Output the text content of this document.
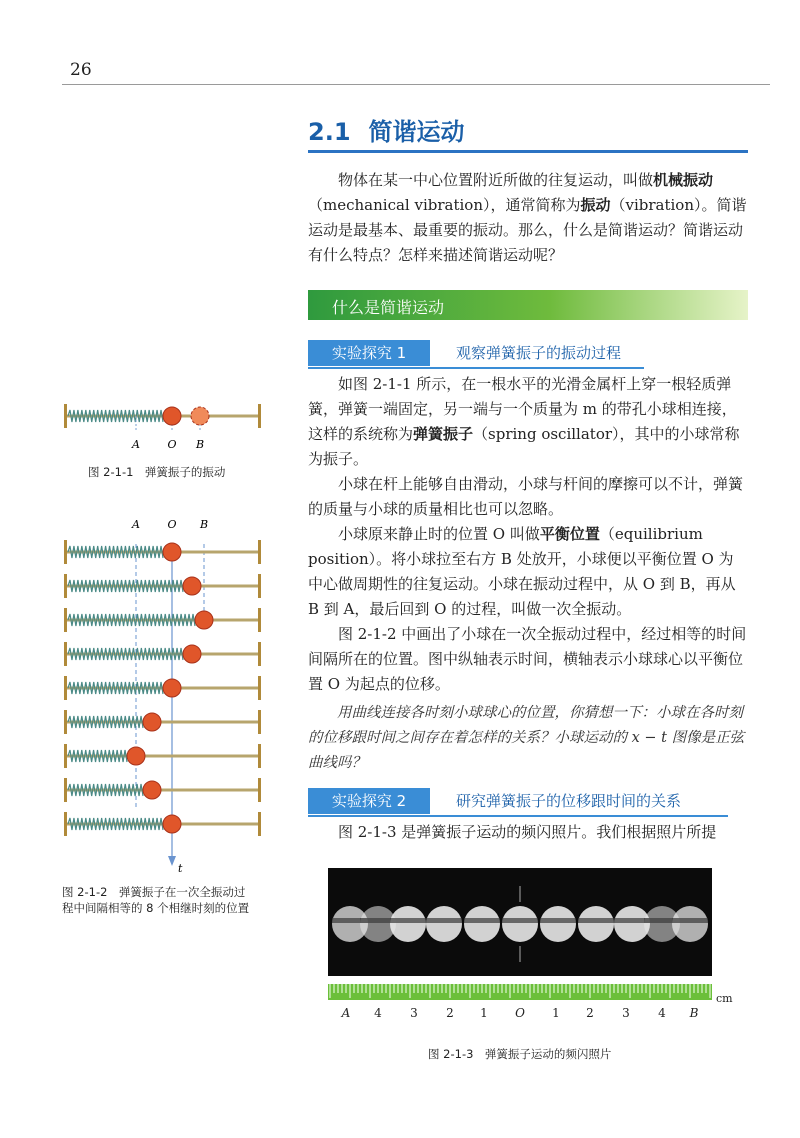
26
2.1 简谐运动

物体在某一中心位置附近所做的往复运动，叫做机械振动（mechanical vibration），通常简称为振动（vibration）。简谐运动是最基本、最重要的振动。那么，什么是简谐运动？简谐运动有什么特点？怎样来描述简谐运动呢？

什么是简谐运动
实验探究 1	观察弹簧振子的振动过程

如图 2-1-1 所示，在一根水平的光滑金属杆上穿一根轻质弹簧，弹簧一端固定，另一端与一个质量为 m 的带孔小球相连接，这样的系统称为弹簧振子（spring oscillator），其中的小球常称为振子。

小球在杆上能够自由滑动，小球与杆间的摩擦可以不计，弹簧的质量与小球的质量相比也可以忽略。

小球原来静止时的位置 O 叫做平衡位置（equilibrium position）。将小球拉至右方 B 处放开，小球便以平衡位置 O 为中心做周期性的往复运动。小球在振动过程中，从 O 到 B，再从 B 到 A，最后回到 O 的过程，叫做一次全振动。

图 2-1-2 中画出了小球在一次全振动过程中，经过相等的时间间隔所在的位置。图中纵轴表示时间，横轴表示小球球心以平衡位置 O 为起点的位移。

用曲线连接各时刻小球球心的位置，你猜想一下：小球在各时刻的位移跟时间之间存在着怎样的关系？小球运动的 x − t 图像是正弦曲线吗？

实验探究 2	研究弹簧振子的位移跟时间的关系

图 2-1-3 是弹簧振子运动的频闪照片。我们根据照片所提

A	O B
图 2-1-1　 弹簧振子的振动
A	O B
t
图 2-1-2　弹簧振子在一次全振动过
程中间隔相等的 8 个相继时刻的位置
cm
A 4 3 2 1 O 1 2 3 4 B
图 2-1-3　 弹簧振子运动的频闪照片
